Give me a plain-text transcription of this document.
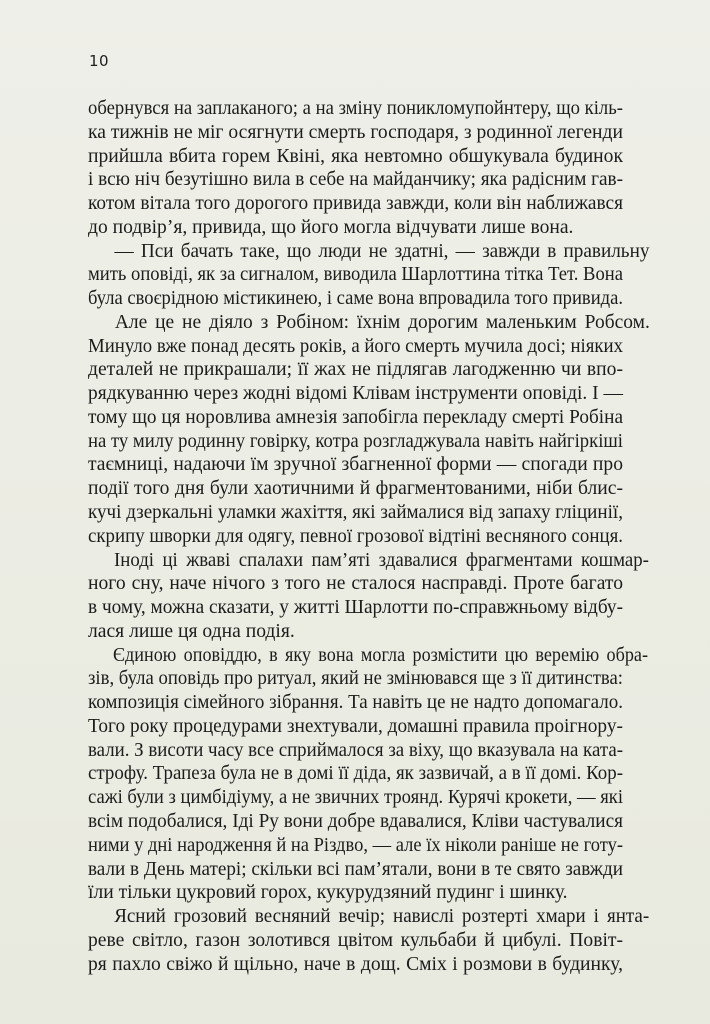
10
обернувся на заплаканого; а на зміну поникломупойнтеру, що кіль-
ка тижнів не міг осягнути смерть господаря, з родинної легенди
прийшла вбита горем Квіні, яка невтомно обшукувала будинок
і всю ніч безутішно вила в себе на майданчику; яка радісним гав-
котом вітала того дорогого привида завжди, коли він наближався
до подвір’я, привида, що його могла відчувати лише вона.
— Пси бачать таке, що люди не здатні, — завжди в правильну
мить оповіді, як за сигналом, виводила Шарлоттина тітка Тет. Вона
була своєрідною містикинею, і саме вона впровадила того привида.
Але це не діяло з Робіном: їхнім дорогим маленьким Робсом.
Минуло вже понад десять років, а його смерть мучила досі; ніяких
деталей не прикрашали; її жах не підлягав лагодженню чи впо-
рядкуванню через жодні відомі Клівам інструменти оповіді. І —
тому що ця норовлива амнезія запобігла перекладу смерті Робіна
на ту милу родинну говірку, котра розгладжувала навіть найгіркіші
таємниці, надаючи їм зручної збагненної форми — спогади про
події того дня були хаотичними й фрагментованими, ніби блис-
кучі дзеркальні уламки жахіття, які займалися від запаху гліцинії,
скрипу шворки для одягу, певної грозової відтіні весняного сонця.
Іноді ці жваві спалахи пам’яті здавалися фрагментами кошмар-
ного сну, наче нічого з того не сталося насправді. Проте багато
в чому, можна сказати, у житті Шарлотти по-справжньому відбу-
лася лише ця одна подія.
Єдиною оповіддю, в яку вона могла розмістити цю веремію обра-
зів, була оповідь про ритуал, який не змінювався ще з її дитинства:
композиція сімейного зібрання. Та навіть це не надто допомагало.
Того року процедурами знехтували, домашні правила проігнору-
вали. З висоти часу все сприймалося за віху, що вказувала на ката-
строфу. Трапеза була не в домі її діда, як зазвичай, а в її домі. Кор-
сажі були з цимбідіуму, а не звичних троянд. Курячі крокети, — які
всім подобалися, Іді Ру вони добре вдавалися, Кліви частувалися
ними у дні народження й на Різдво, — але їх ніколи раніше не готу-
вали в День матері; скільки всі пам’ятали, вони в те свято завжди
їли тільки цукровий горох, кукурудзяний пудинг і шинку.
Ясний грозовий весняний вечір; навислі розтерті хмари і янта-
реве світло, газон золотився цвітом кульбаби й цибулі. Повіт-
ря пахло свіжо й щільно, наче в дощ. Сміх і розмови в будинку,
